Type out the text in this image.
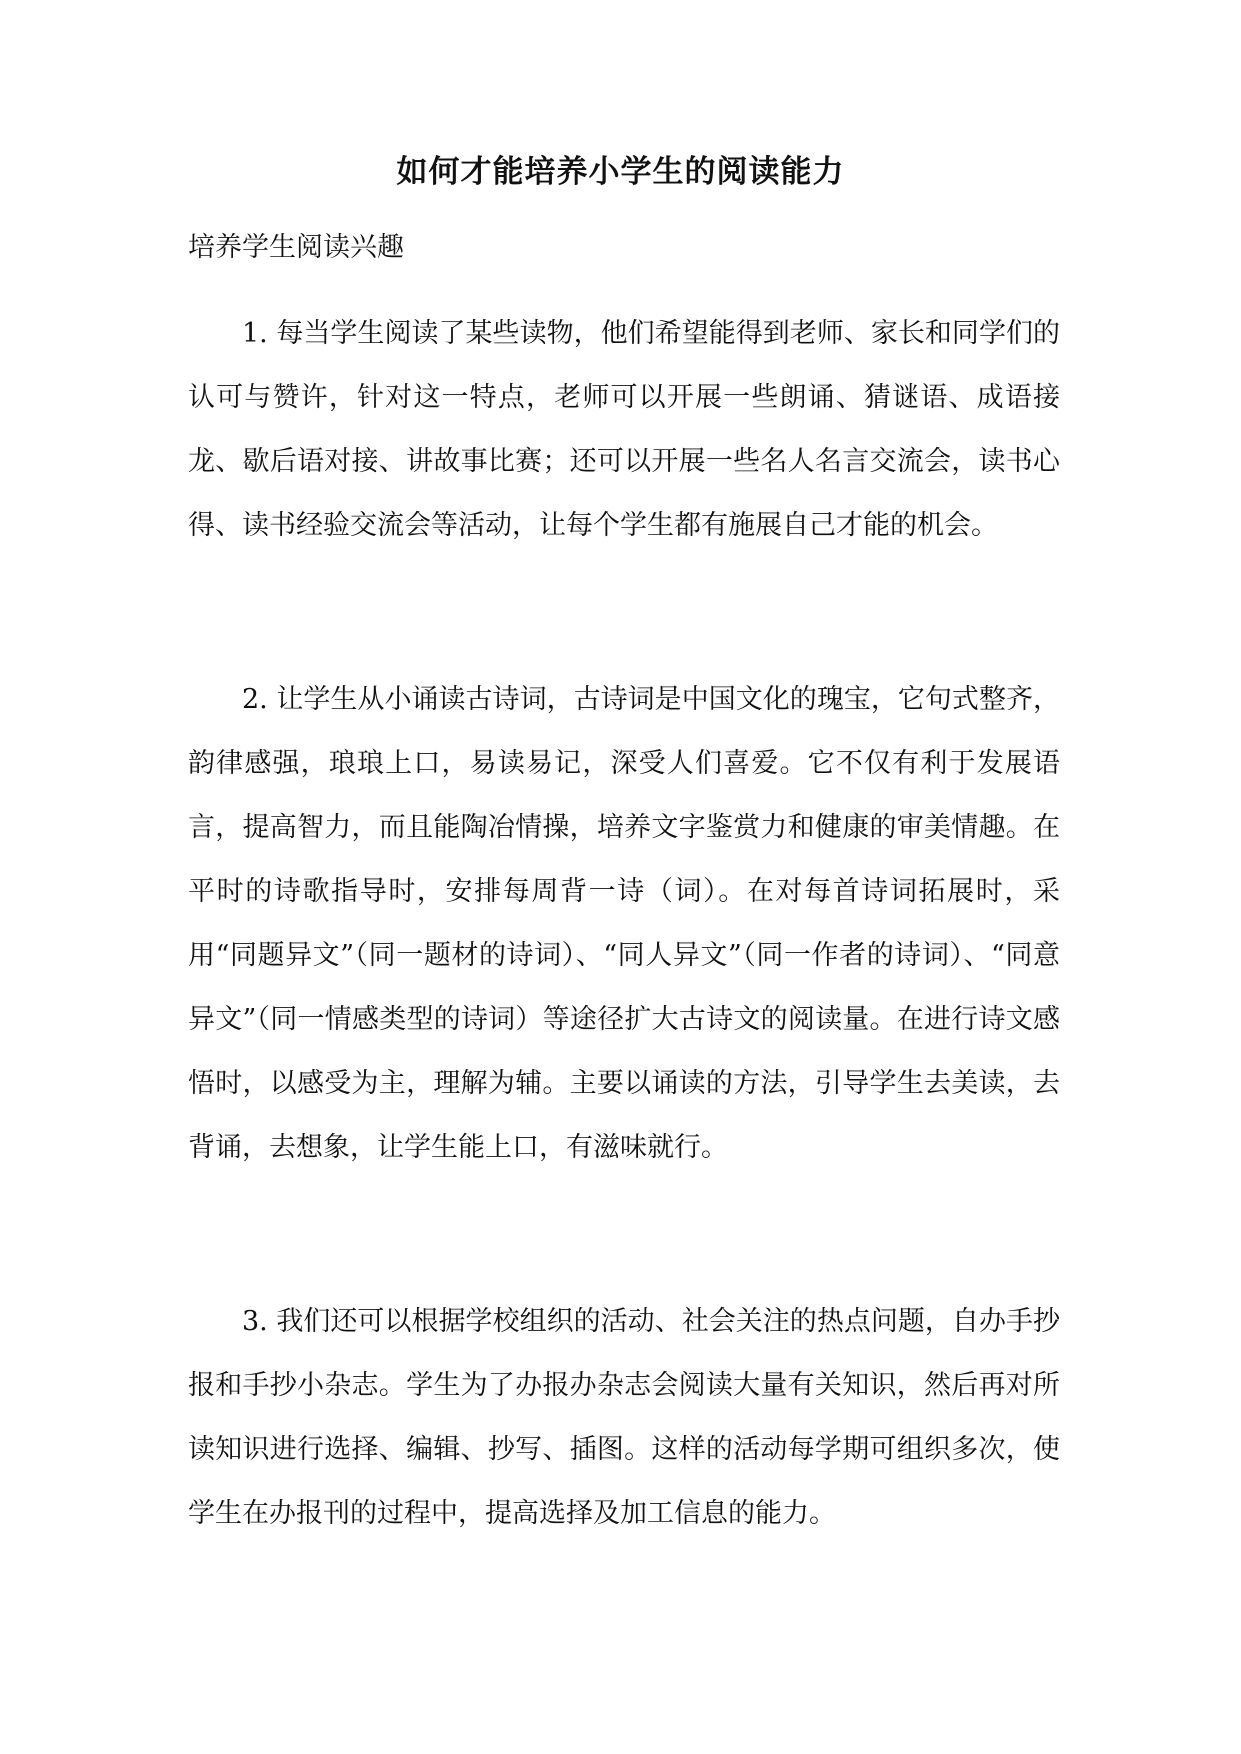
如何才能培养小学生的阅读能力
培养学生阅读兴趣

1. 每当学生阅读了某些读物，他们希望能得到老师、家长和同学们的认可与赞许，针对这一特点，老师可以开展一些朗诵、猜谜语、成语接龙、歇后语对接、讲故事比赛；还可以开展一些名人名言交流会，读书心得、读书经验交流会等活动，让每个学生都有施展自己才能的机会。

2. 让学生从小诵读古诗词，古诗词是中国文化的瑰宝，它句式整齐，韵律感强，琅琅上口，易读易记，深受人们喜爱。它不仅有利于发展语言，提高智力，而且能陶冶情操，培养文字鉴赏力和健康的审美情趣。在平时的诗歌指导时，安排每周背一诗（词）。在对每首诗词拓展时，采用“同题异文”（同一题材的诗词）、“同人异文”（同一作者的诗词）、“同意异文”（同一情感类型的诗词）等途径扩大古诗文的阅读量。在进行诗文感悟时，以感受为主，理解为辅。主要以诵读的方法，引导学生去美读，去背诵，去想象，让学生能上口，有滋味就行。

3. 我们还可以根据学校组织的活动、社会关注的热点问题，自办手抄报和手抄小杂志。学生为了办报办杂志会阅读大量有关知识，然后再对所读知识进行选择、编辑、抄写、插图。这样的活动每学期可组织多次，使学生在办报刊的过程中，提高选择及加工信息的能力。
